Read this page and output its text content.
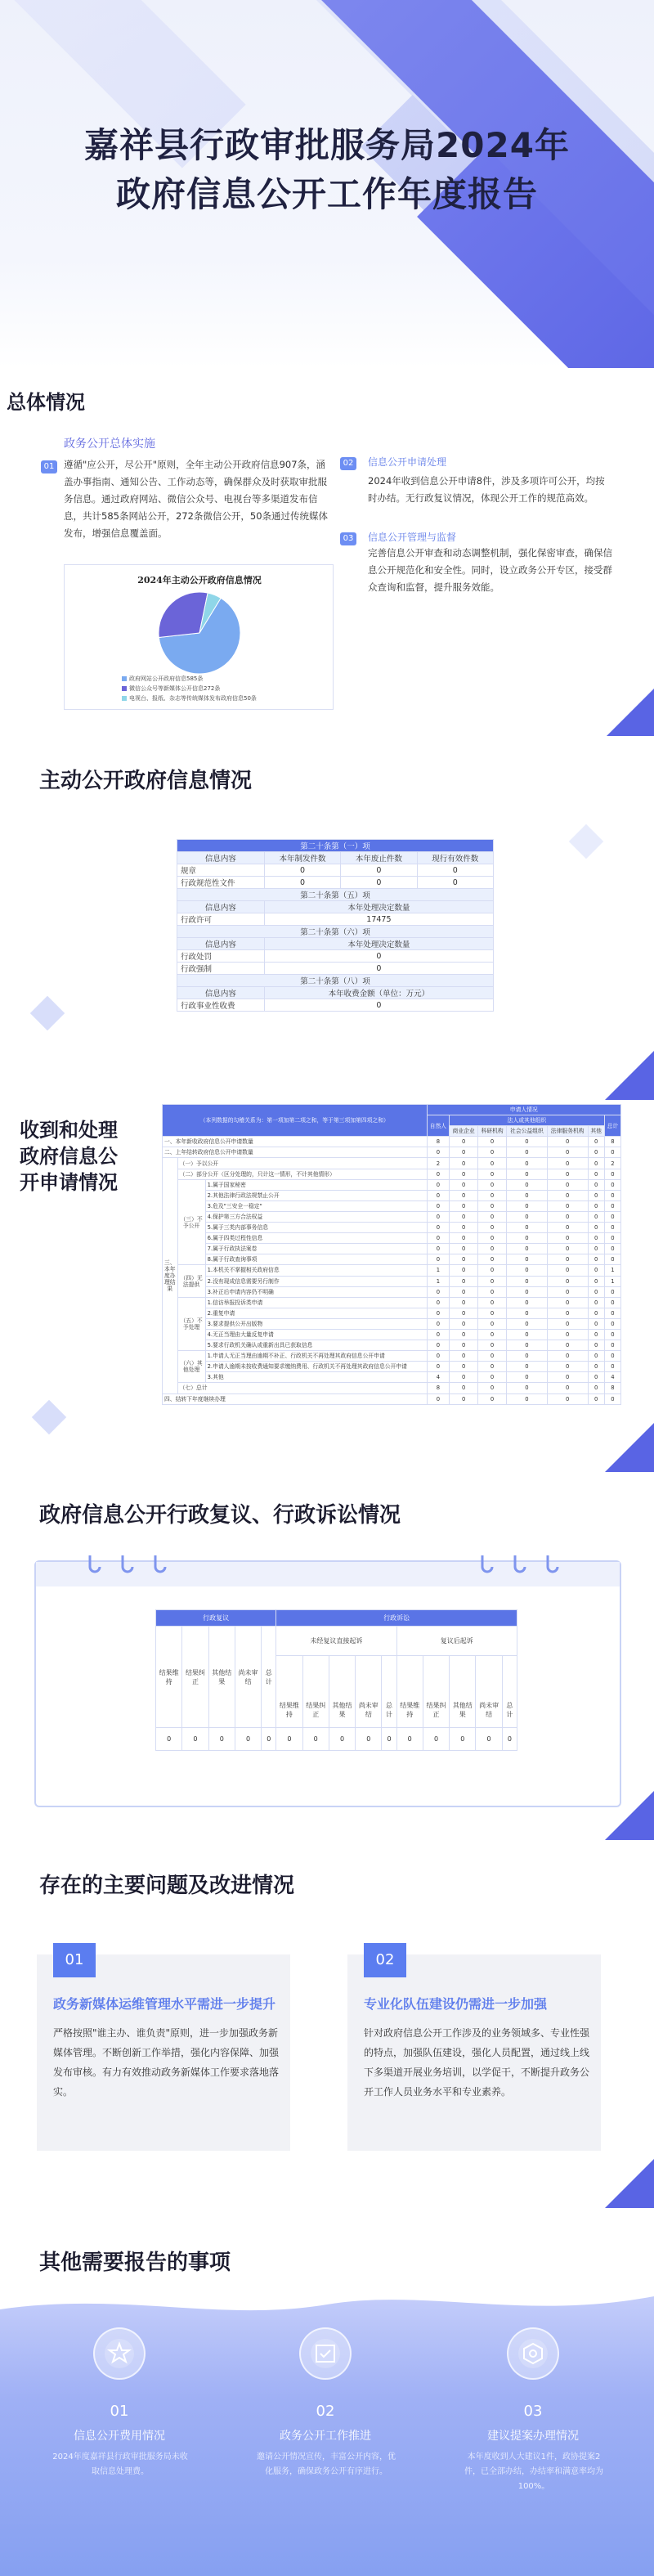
嘉祥县行政审批服务局2024年
政府信息公开工作年度报告
总体情况
政务公开总体实施
01	遵循"应公开，尽公开"原则，全年主动公开政府信息907条，涵盖办事指南、通知公告、工作动态等，确保群众及时获取审批服务信息。通过政府网站、微信公众号、电视台等多渠道发布信息，共计585条网站公开，272条微信公开，50条通过传统媒体发布，增强信息覆盖面。
02	信息公开申请处理
2024年收到信息公开申请8件，涉及多项许可公开，均按时办结。无行政复议情况，体现公开工作的规范高效。
03	信息公开管理与监督
完善信息公开审查和动态调整机制，强化保密审查，确保信息公开规范化和安全性。同时，设立政务公开专区，接受群众查询和监督，提升服务效能。
2024年主动公开政府信息情况
政府网站公开政府信息585条
微信公众号等新媒体公开信息272条
电视台、报纸、杂志等传统媒体发布政府信息50条
主动公开政府信息情况
第二十条第（一）项			
信息内容	本年制发件数	本年废止件数	现行有效件数
规章	0	0	0
行政规范性文件	0	0	0
第二十条第（五）项			
信息内容	本年处理决定数量		
行政许可	17475		
第二十条第（六）项			
信息内容	本年处理决定数量		
行政处罚	0		
行政强制	0		
第二十条第（八）项			
信息内容	本年收费金额（单位：万元）		
行政事业性收费	0		
收到和处理
政府信息公
开申请情况
（本列数据的勾稽关系为：第一项加第二项之和，等于第三项加第四项之和）			申请人情况						
			自然人	法人或其他组织					总计
				商业企业	科研机构	社会公益组织	法律服务机构	其他	
一、本年新收政府信息公开申请数量			8	0	0	0	0	0	8
二、上年结转政府信息公开申请数量			0	0	0	0	0	0	0
三、本年度办理结果	（一）予以公开		2	0	0	0	0	0	2
	（二）部分公开（区分处理的，只计这一情形，不计其他情形）		0	0	0	0	0	0	0
	（三）不予公开	1.属于国家秘密	0	0	0	0	0	0	0
		2.其他法律行政法规禁止公开	0	0	0	0	0	0	0
		3.危及"三安全一稳定"	0	0	0	0	0	0	0
		4.保护第三方合法权益	0	0	0	0	0	0	0
		5.属于三类内部事务信息	0	0	0	0	0	0	0
		6.属于四类过程性信息	0	0	0	0	0	0	0
		7.属于行政执法案卷	0	0	0	0	0	0	0
		8.属于行政查询事项	0	0	0	0	0	0	0
	（四）无法提供	1.本机关不掌握相关政府信息	1	0	0	0	0	0	1
		2.没有现成信息需要另行制作	1	0	0	0	0	0	1
		3.补正后申请内容仍不明确	0	0	0	0	0	0	0
	（五）不予处理	1.信访举报投诉类申请	0	0	0	0	0	0	0
		2.重复申请	0	0	0	0	0	0	0
		3.要求提供公开出版物	0	0	0	0	0	0	0
		4.无正当理由大量反复申请	0	0	0	0	0	0	0
		5.要求行政机关确认或重新出具已获取信息	0	0	0	0	0	0	0
	（六）其他处理	1.申请人无正当理由逾期不补正、行政机关不再处理其政府信息公开申请	0	0	0	0	0	0	0
		2.申请人逾期未按收费通知要求缴纳费用、行政机关不再处理其政府信息公开申请	0	0	0	0	0	0	0
		3.其他	4	0	0	0	0	0	4
	（七）总计		8	0	0	0	0	0	8
四、结转下年度继续办理			0	0	0	0	0	0	0
政府信息公开行政复议、行政诉讼情况
行政复议					行政诉讼									
结果维持	结果纠正	其他结果	尚未审结	总计	未经复议直接起诉					复议后起诉				
					结果维持	结果纠正	其他结果	尚未审结	总计	结果维持	结果纠正	其他结果	尚未审结	总计
0	0	0	0	0	0	0	0	0	0	0	0	0	0	0
存在的主要问题及改进情况
01
政务新媒体运维管理水平需进一步提升
严格按照"谁主办、谁负责"原则，进一步加强政务新媒体管理。不断创新工作举措，强化内容保障、加强发布审核。有力有效推动政务新媒体工作要求落地落实。
02
专业化队伍建设仍需进一步加强
针对政府信息公开工作涉及的业务领域多、专业性强的特点，加强队伍建设，强化人员配置，通过线上线下多渠道开展业务培训，以学促干，不断提升政务公开工作人员业务水平和专业素养。
其他需要报告的事项
01
信息公开费用情况
2024年度嘉祥县行政审批服务局未收取信息处理费。
02
政务公开工作推进
邀请公开情况宣传，丰富公开内容，优化服务，确保政务公开有序进行。
03
建议提案办理情况
本年度收到人大建议1件，政协提案2件，已全部办结，办结率和满意率均为100%。
